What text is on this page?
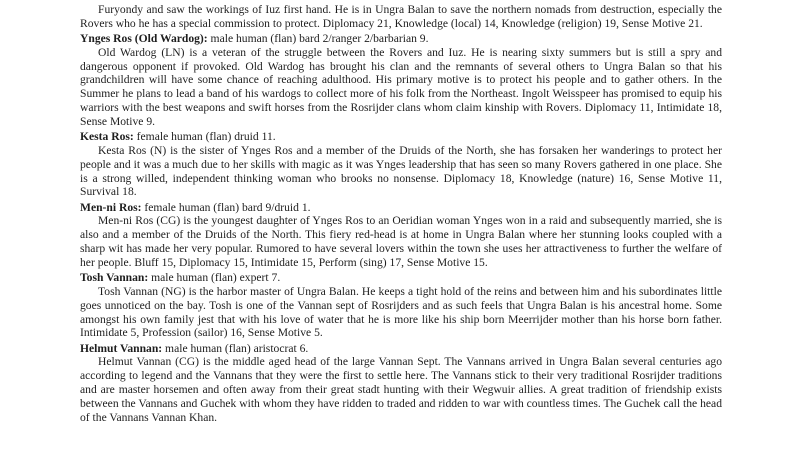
Furyondy and saw the workings of Iuz first hand. He is in Ungra Balan to save the northern nomads from destruction, especially the Rovers who he has a special commission to protect. Diplomacy 21, Knowledge (local) 14, Knowledge (religion) 19, Sense Motive 21.

Ynges Ros (Old Wardog): male human (flan) bard 2/ranger 2/barbarian 9.

Old Wardog (LN) is a veteran of the struggle between the Rovers and Iuz. He is nearing sixty summers but is still a spry and dangerous opponent if provoked. Old Wardog has brought his clan and the remnants of several others to Ungra Balan so that his grandchildren will have some chance of reaching adulthood. His primary motive is to protect his people and to gather others. In the Summer he plans to lead a band of his wardogs to collect more of his folk from the Northeast. Ingolt Weisspeer has promised to equip his warriors with the best weapons and swift horses from the Rosrijder clans whom claim kinship with Rovers. Diplomacy 11, Intimidate 18, Sense Motive 9.

Kesta Ros: female human (flan) druid 11.

Kesta Ros (N) is the sister of Ynges Ros and a member of the Druids of the North, she has forsaken her wanderings to protect her people and it was a much due to her skills with magic as it was Ynges leadership that has seen so many Rovers gathered in one place. She is a strong willed, independent thinking woman who brooks no nonsense. Diplomacy 18, Knowledge (nature) 16, Sense Motive 11, Survival 18.

Men-ni Ros: female human (flan) bard 9/druid 1.

Men-ni Ros (CG) is the youngest daughter of Ynges Ros to an Oeridian woman Ynges won in a raid and subsequently married, she is also and a member of the Druids of the North. This fiery red-head is at home in Ungra Balan where her stunning looks coupled with a sharp wit has made her very popular. Rumored to have several lovers within the town she uses her attractiveness to further the welfare of her people. Bluff 15, Diplomacy 15, Intimidate 15, Perform (sing) 17, Sense Motive 15.

Tosh Vannan: male human (flan) expert 7.

Tosh Vannan (NG) is the harbor master of Ungra Balan. He keeps a tight hold of the reins and between him and his subordinates little goes unnoticed on the bay. Tosh is one of the Vannan sept of Rosrijders and as such feels that Ungra Balan is his ancestral home. Some amongst his own family jest that with his love of water that he is more like his ship born Meerrijder mother than his horse born father. Intimidate 5, Profession (sailor) 16, Sense Motive 5.

Helmut Vannan: male human (flan) aristocrat 6.

Helmut Vannan (CG) is the middle aged head of the large Vannan Sept. The Vannans arrived in Ungra Balan several centuries ago according to legend and the Vannans that they were the first to settle here. The Vannans stick to their very traditional Rosrijder traditions and are master horsemen and often away from their great stadt hunting with their Wegwuir allies. A great tradition of friendship exists between the Vannans and Guchek with whom they have ridden to traded and ridden to war with countless times. The Guchek call the head of the Vannans Vannan Khan.
